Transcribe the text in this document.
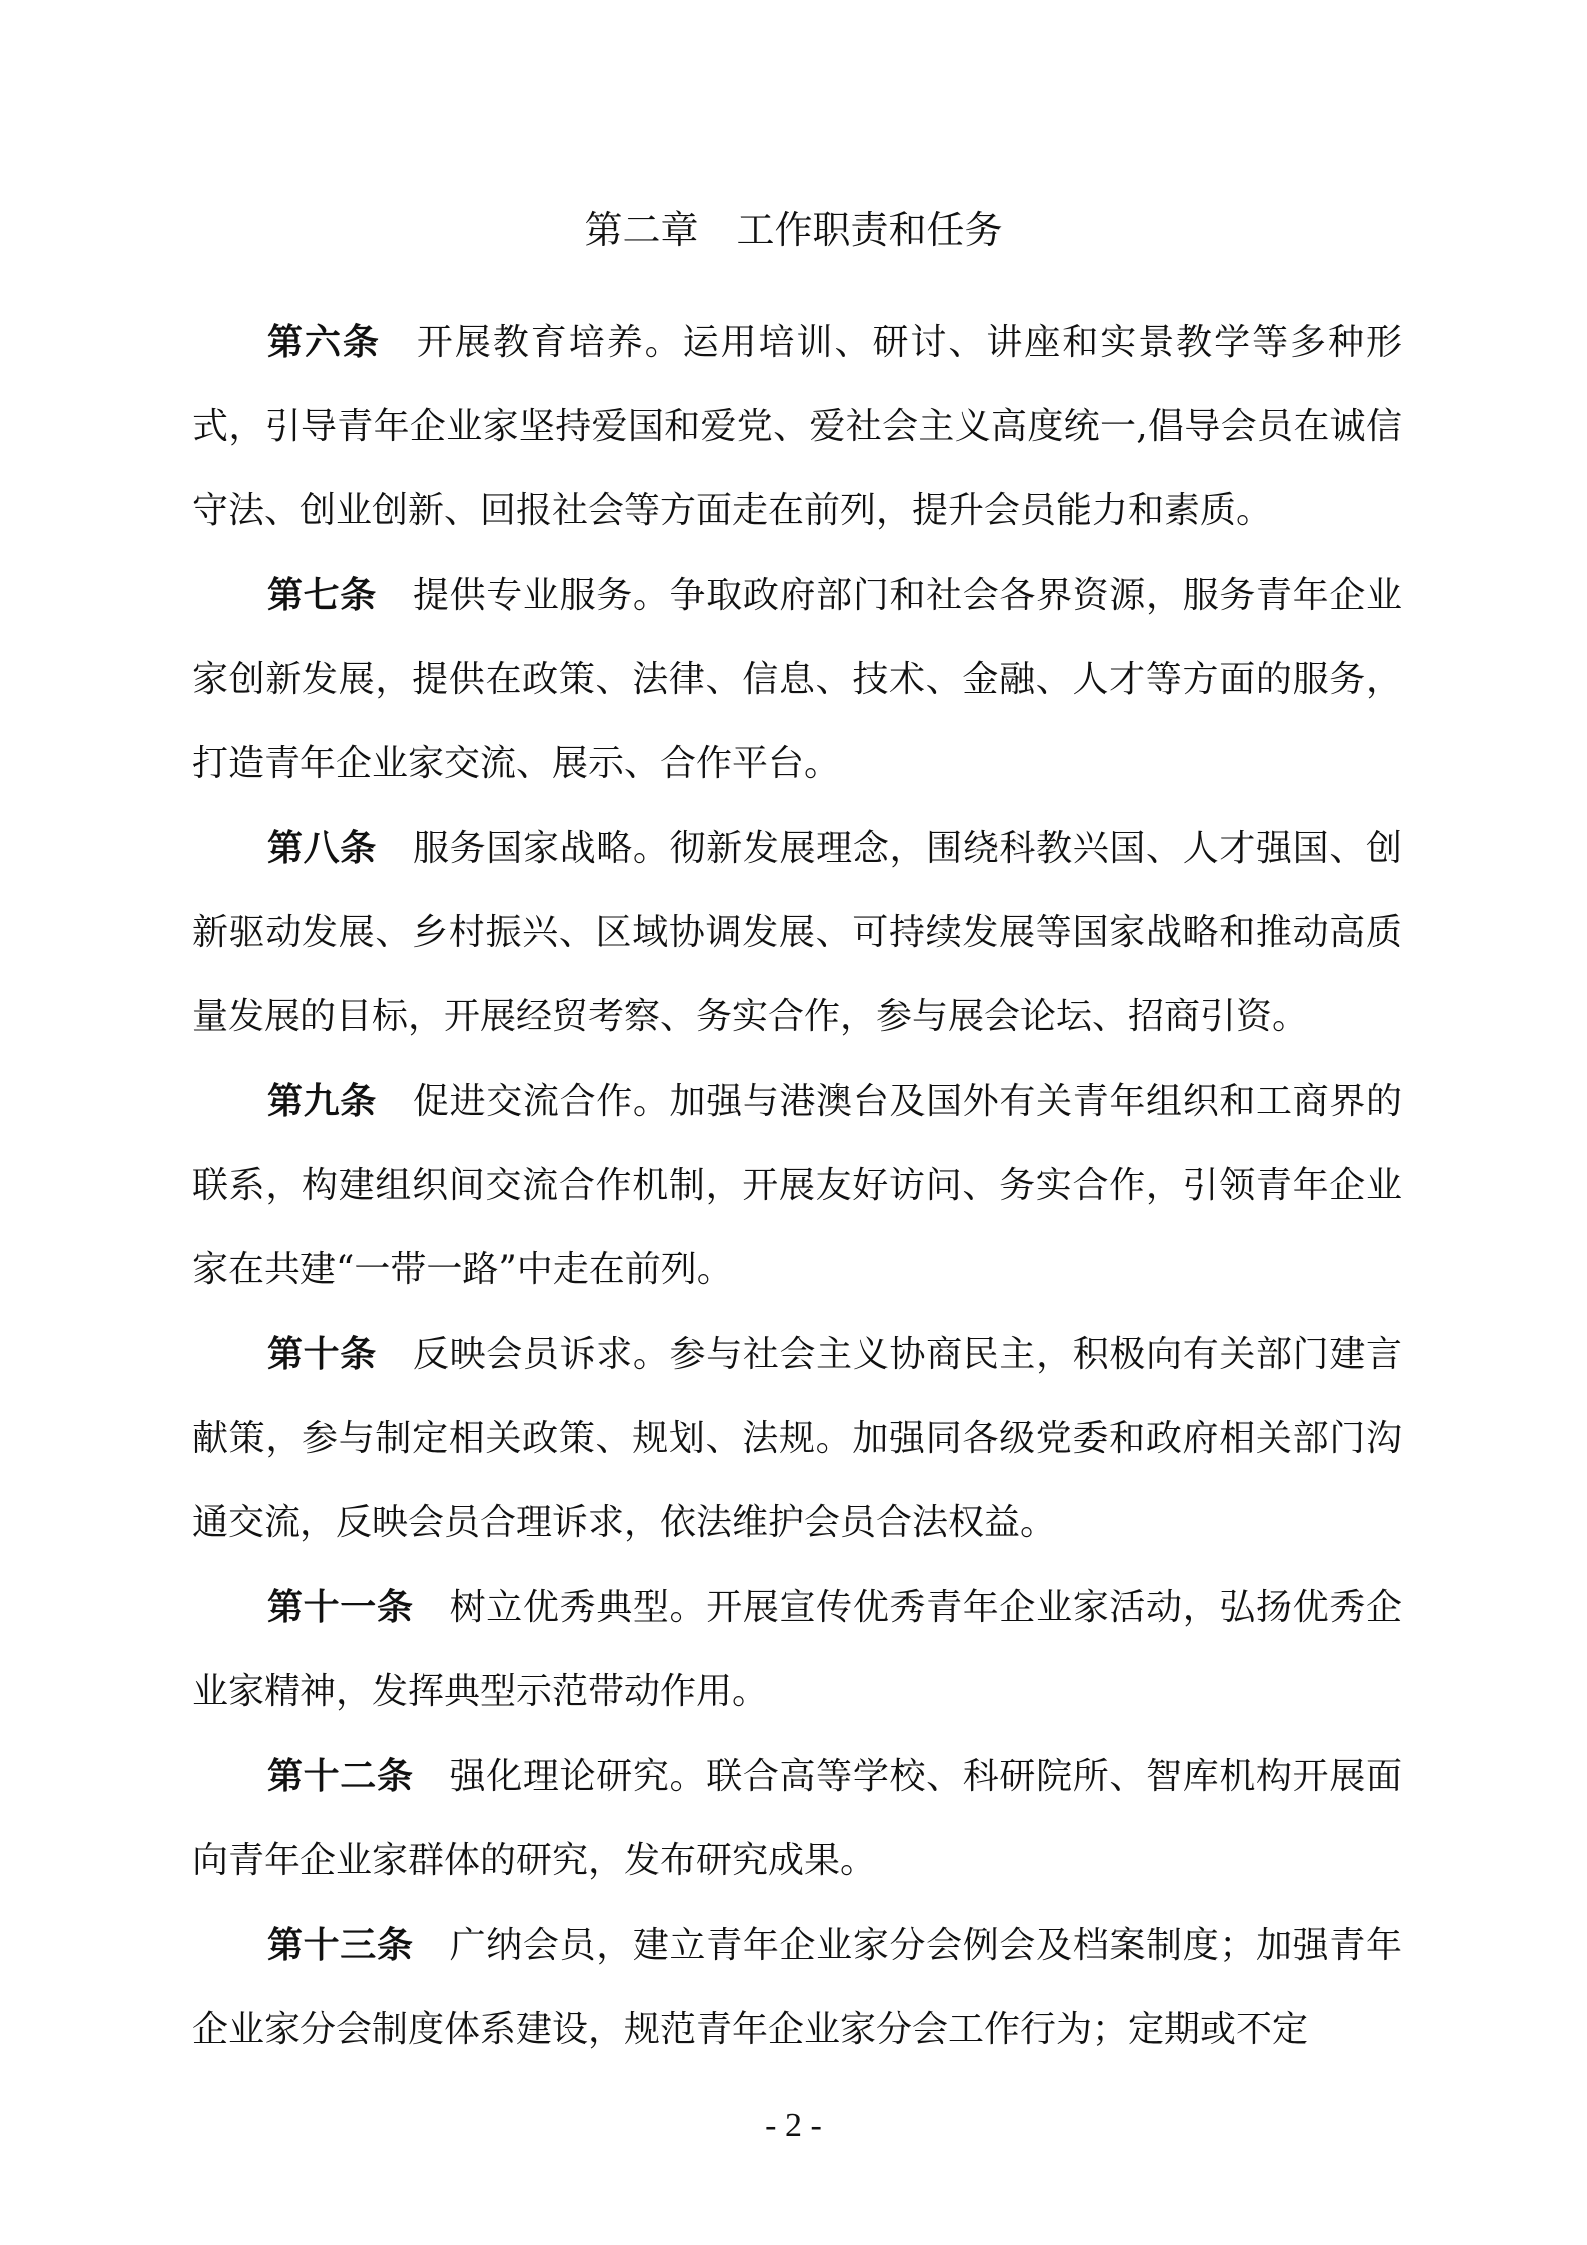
第二章 工作职责和任务

第六条 开展教育培养。运用培训、研讨、讲座和实景教学等多种形式，引导青年企业家坚持爱国和爱党、爱社会主义高度统一,倡导会员在诚信守法、创业创新、回报社会等方面走在前列，提升会员能力和素质。

第七条 提供专业服务。争取政府部门和社会各界资源，服务青年企业家创新发展，提供在政策、法律、信息、技术、金融、人才等方面的服务，打造青年企业家交流、展示、合作平台。

第八条 服务国家战略。彻新发展理念，围绕科教兴国、人才强国、创新驱动发展、乡村振兴、区域协调发展、可持续发展等国家战略和推动高质量发展的目标，开展经贸考察、务实合作，参与展会论坛、招商引资。

第九条 促进交流合作。加强与港澳台及国外有关青年组织和工商界的联系，构建组织间交流合作机制，开展友好访问、务实合作，引领青年企业家在共建“一带一路”中走在前列。

第十条 反映会员诉求。参与社会主义协商民主，积极向有关部门建言献策，参与制定相关政策、规划、法规。加强同各级党委和政府相关部门沟通交流，反映会员合理诉求，依法维护会员合法权益。

第十一条 树立优秀典型。开展宣传优秀青年企业家活动，弘扬优秀企业家精神，发挥典型示范带动作用。

第十二条 强化理论研究。联合高等学校、科研院所、智库机构开展面向青年企业家群体的研究，发布研究成果。

第十三条 广纳会员，建立青年企业家分会例会及档案制度；加强青年企业家分会制度体系建设，规范青年企业家分会工作行为；定期或不定

- 2 -
